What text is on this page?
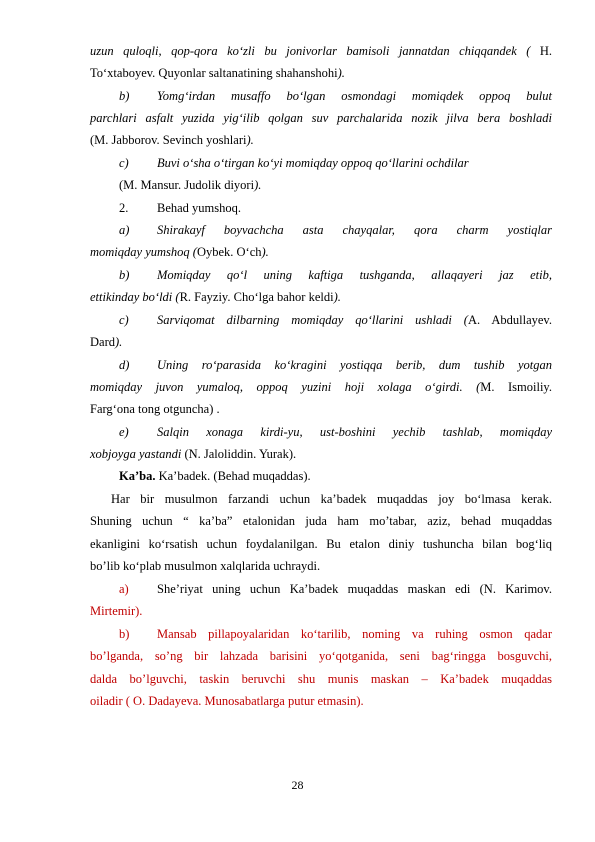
uzun quloqli, qop-qora ko‘zli bu jonivorlar bamisoli jannatdan chiqqandek ( H.
To‘xtaboyev. Quyonlar saltanatining shahanshohi).
b) Yomg‘irdan musaffo bo‘lgan osmondagi momiqdek oppoq bulut
parchlari asfalt yuzida yig‘ilib qolgan suv parchalarida nozik jilva bera boshladi
(M. Jabborov. Sevinch yoshlari).
c) Buvi o‘sha o‘tirgan ko‘yi momiqday oppoq qo‘llarini ochdilar
(M. Mansur. Judolik diyori).
2. Behad yumshoq.
a) Shirakayf boyvachcha asta chayqalar, qora charm yostiqlar
momiqday yumshoq (Oybek. O‘ch).
b) Momiqday qo‘l uning kaftiga tushganda, allaqayeri jaz etib,
ettikinday bo‘ldi (R. Fayziy. Cho‘lga bahor keldi).
c) Sarviqomat dilbarning momiqday qo‘llarini ushladi (A. Abdullayev.
Dard).
d) Uning ro‘parasida ko‘kragini yostiqqa berib, dum tushib yotgan
momiqday juvon yumaloq, oppoq yuzini hoji xolaga o‘girdi. (M. Ismoiliy.
Farg‘ona tong otguncha) .
e) Salqin xonaga kirdi-yu, ust-boshini yechib tashlab, momiqday
xobjoyga yastandi (N. Jaloliddin. Yurak).
Ka’ba. Ka’badek. (Behad muqaddas).
Har bir musulmon farzandi uchun ka’badek muqaddas joy bo‘lmasa kerak.
Shuning uchun “ ka’ba” etalonidan juda ham mo’tabar, aziz, behad muqaddas
ekanligini ko‘rsatish uchun foydalanilgan. Bu etalon diniy tushuncha bilan bog‘liq
bo’lib ko‘plab musulmon xalqlarida uchraydi.
a) She’riyat uning uchun Ka’badek muqaddas maskan edi (N. Karimov.
Mirtemir).
b) Mansab pillapoyalaridan ko‘tarilib, noming va ruhing osmon qadar
bo’lganda, so’ng bir lahzada barisini yo‘qotganida, seni bag‘ringga bosguvchi,
dalda bo’lguvchi, taskin beruvchi shu munis maskan – Ka’badek muqaddas
oiladir ( O. Dadayeva. Munosabatlarga putur etmasin).
28
